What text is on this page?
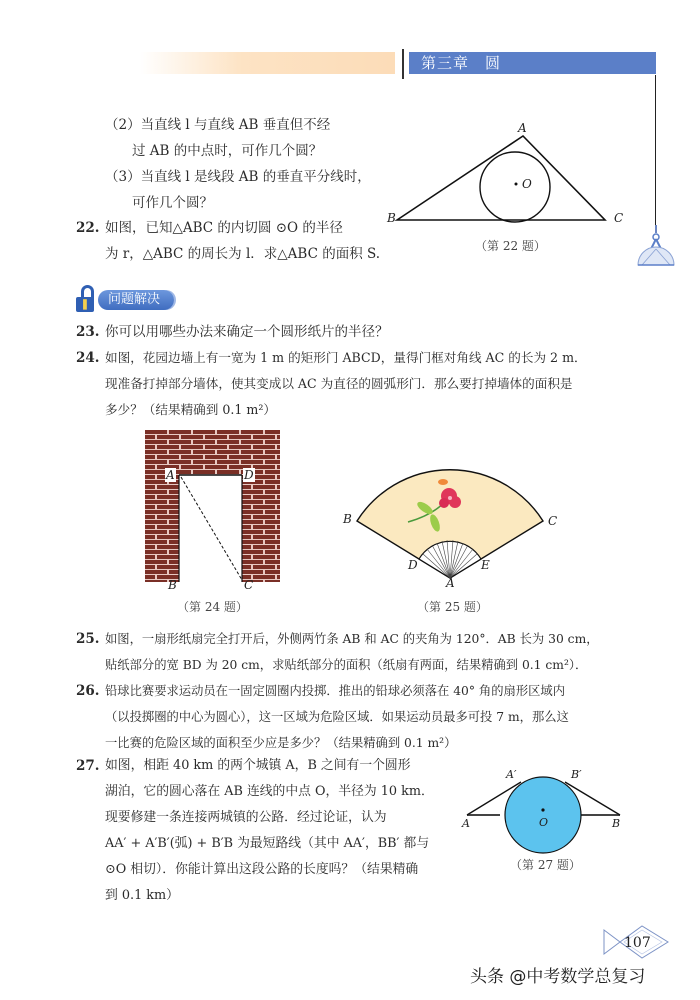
第三章　圆
（2）当直线 l 与直线 AB 垂直但不经
过 AB 的中点时，可作几个圆？
（3）当直线 l 是线段 AB 的垂直平分线时，
可作几个圆？
22. 如图，已知△ABC 的内切圆 ⊙O 的半径
为 r，△ABC 的周长为 l．求△ABC 的面积 S.
A
B	C
O
（第 22 题）
❚	问题解决
23. 你可以用哪些办法来确定一个圆形纸片的半径？
24. 如图，花园边墙上有一宽为 1 m 的矩形门 ABCD，量得门框对角线 AC 的长为 2 m．
现准备打掉部分墙体，使其变成以 AC 为直径的圆弧形门．那么要打掉墙体的面积是
多少？（结果精确到 0.1 m²）
A	D
B	C
（第 24 题）
B	C
D	E
A
（第 25 题）
25. 如图，一扇形纸扇完全打开后，外侧两竹条 AB 和 AC 的夹角为 120°．AB 长为 30 cm，
贴纸部分的宽 BD 为 20 cm，求贴纸部分的面积（纸扇有两面，结果精确到 0.1 cm²）．
26. 铅球比赛要求运动员在一固定圆圈内投掷．推出的铅球必须落在 40° 角的扇形区域内
（以投掷圈的中心为圆心），这一区域为危险区域．如果运动员最多可投 7 m，那么这
一比赛的危险区域的面积至少应是多少？（结果精确到 0.1 m²）
27. 如图，相距 40 km 的两个城镇 A，B 之间有一个圆形
湖泊，它的圆心落在 AB 连线的中点 O，半径为 10 km．
现要修建一条连接两城镇的公路．经过论证，认为
AA′ + A′B′(弧) + B′B 为最短路线（其中 AA′，BB′ 都与
⊙O 相切）．你能计算出这段公路的长度吗？（结果精确
到 0.1 km）
A′	B′
A	B
O
（第 27 题）
107
头条 @中考数学总复习
